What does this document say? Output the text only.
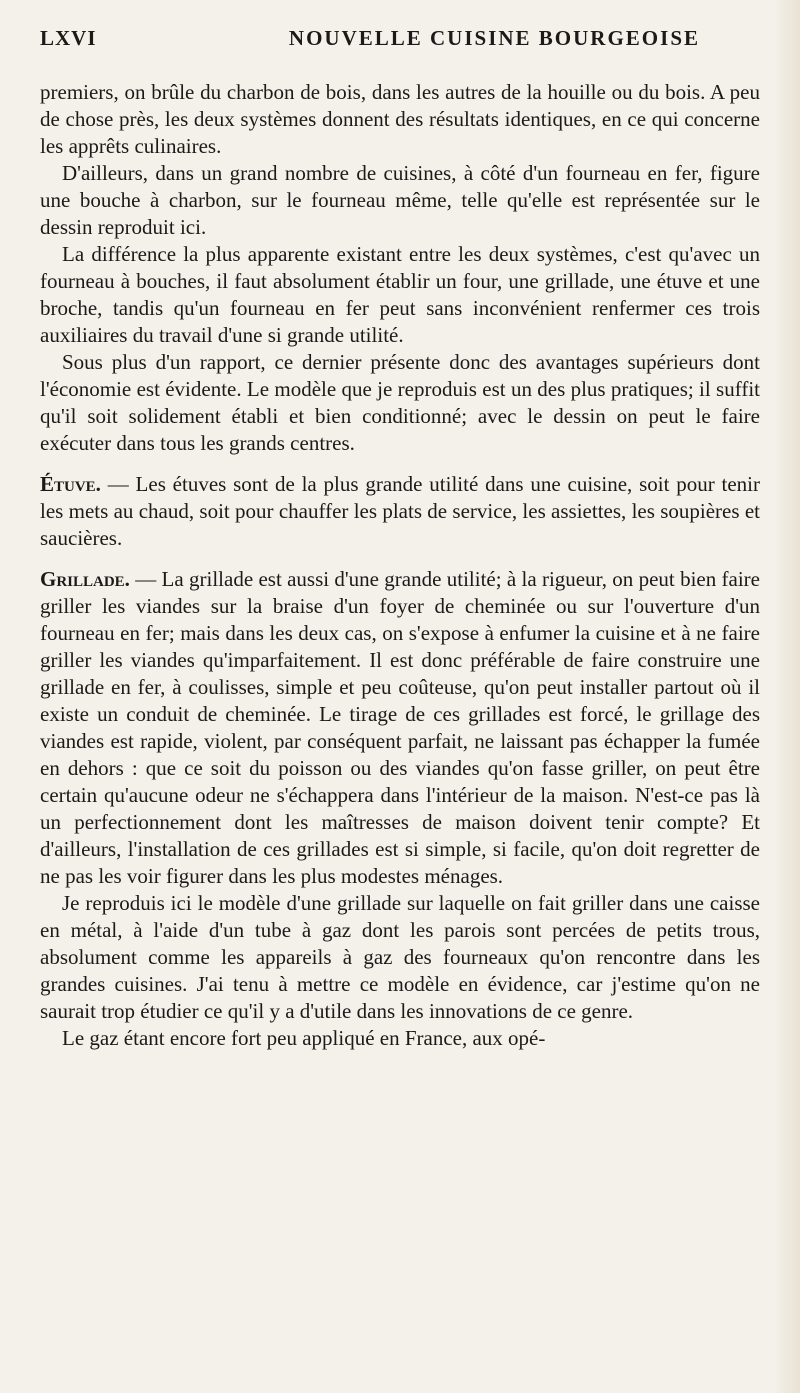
LXVI	NOUVELLE CUISINE BOURGEOISE

premiers, on brûle du charbon de bois, dans les autres de la houille ou du bois. A peu de chose près, les deux systèmes donnent des résultats identiques, en ce qui concerne les apprêts culinaires.

D'ailleurs, dans un grand nombre de cuisines, à côté d'un fourneau en fer, figure une bouche à charbon, sur le fourneau même, telle qu'elle est représentée sur le dessin reproduit ici.

La différence la plus apparente existant entre les deux systèmes, c'est qu'avec un fourneau à bouches, il faut absolument établir un four, une grillade, une étuve et une broche, tandis qu'un fourneau en fer peut sans inconvénient renfermer ces trois auxiliaires du travail d'une si grande utilité.

Sous plus d'un rapport, ce dernier présente donc des avantages supérieurs dont l'économie est évidente. Le modèle que je reproduis est un des plus pratiques; il suffit qu'il soit solidement établi et bien conditionné; avec le dessin on peut le faire exécuter dans tous les grands centres.

Étuve. — Les étuves sont de la plus grande utilité dans une cuisine, soit pour tenir les mets au chaud, soit pour chauffer les plats de service, les assiettes, les soupières et saucières.

Grillade. — La grillade est aussi d'une grande utilité; à la rigueur, on peut bien faire griller les viandes sur la braise d'un foyer de cheminée ou sur l'ouverture d'un fourneau en fer; mais dans les deux cas, on s'expose à enfumer la cuisine et à ne faire griller les viandes qu'imparfaitement. Il est donc préférable de faire construire une grillade en fer, à coulisses, simple et peu coûteuse, qu'on peut installer partout où il existe un conduit de cheminée. Le tirage de ces grillades est forcé, le grillage des viandes est rapide, violent, par conséquent parfait, ne laissant pas échapper la fumée en dehors : que ce soit du poisson ou des viandes qu'on fasse griller, on peut être certain qu'aucune odeur ne s'échappera dans l'intérieur de la maison. N'est-ce pas là un perfectionnement dont les maîtresses de maison doivent tenir compte? Et d'ailleurs, l'installation de ces grillades est si simple, si facile, qu'on doit regretter de ne pas les voir figurer dans les plus modestes ménages.

Je reproduis ici le modèle d'une grillade sur laquelle on fait griller dans une caisse en métal, à l'aide d'un tube à gaz dont les parois sont percées de petits trous, absolument comme les appareils à gaz des fourneaux qu'on rencontre dans les grandes cuisines. J'ai tenu à mettre ce modèle en évidence, car j'estime qu'on ne saurait trop étudier ce qu'il y a d'utile dans les innovations de ce genre.

Le gaz étant encore fort peu appliqué en France, aux opé-
